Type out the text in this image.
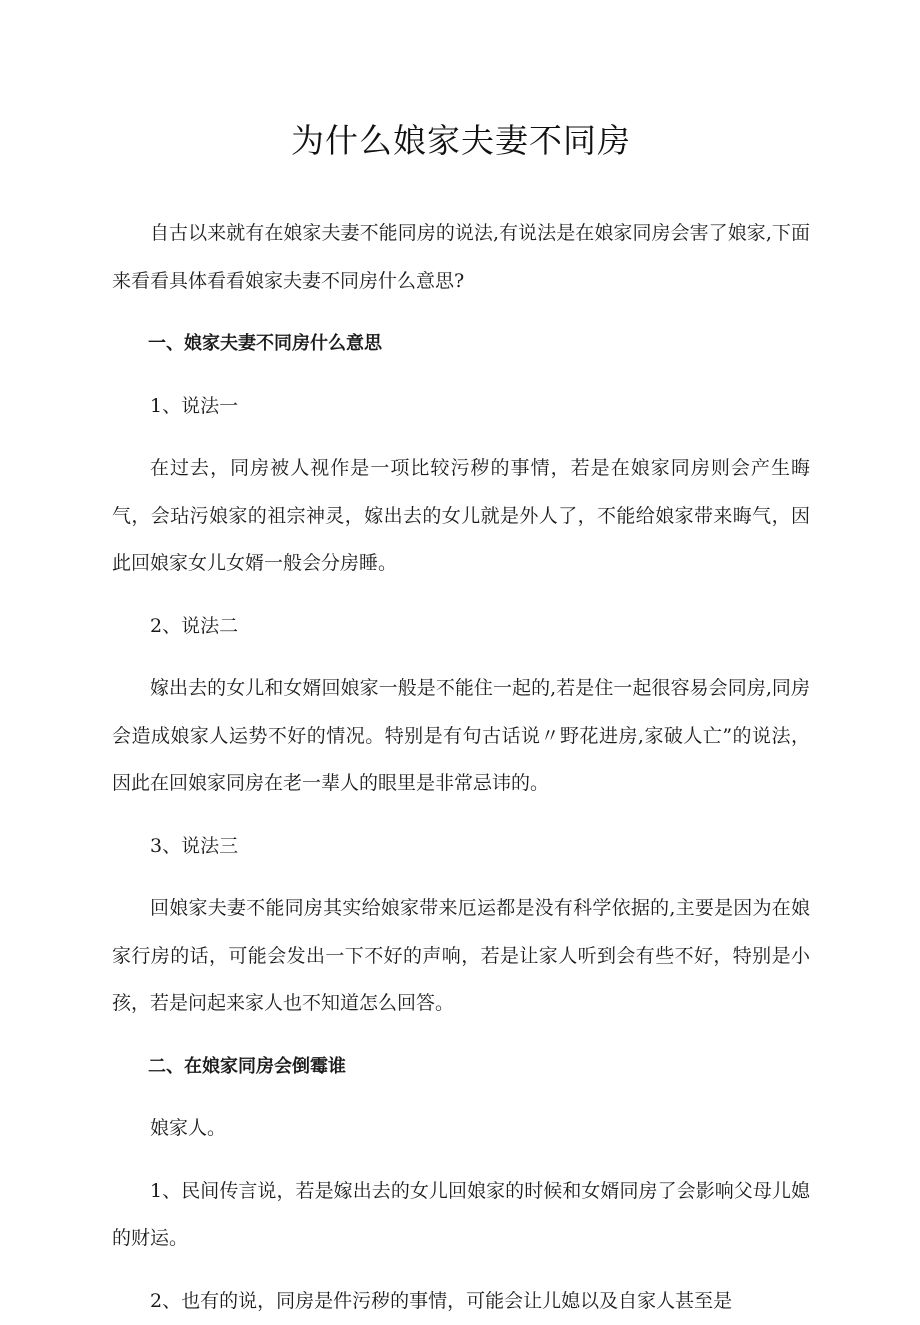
为什么娘家夫妻不同房

自古以来就有在娘家夫妻不能同房的说法,有说法是在娘家同房会害了娘家,下面来看看具体看看娘家夫妻不同房什么意思?

一、娘家夫妻不同房什么意思

1、说法一

在过去，同房被人视作是一项比较污秽的事情，若是在娘家同房则会产生晦气，会玷污娘家的祖宗神灵，嫁出去的女儿就是外人了，不能给娘家带来晦气，因此回娘家女儿女婿一般会分房睡。

2、说法二

嫁出去的女儿和女婿回娘家一般是不能住一起的,若是住一起很容易会同房,同房会造成娘家人运势不好的情况。特别是有句古话说〃野花进房,家破人亡”的说法，因此在回娘家同房在老一辈人的眼里是非常忌讳的。

3、说法三

回娘家夫妻不能同房其实给娘家带来厄运都是没有科学依据的,主要是因为在娘家行房的话，可能会发出一下不好的声响，若是让家人听到会有些不好，特别是小孩，若是问起来家人也不知道怎么回答。

二、在娘家同房会倒霉谁

娘家人。

1、民间传言说，若是嫁出去的女儿回娘家的时候和女婿同房了会影响父母儿媳的财运。

2、也有的说，同房是件污秽的事情，可能会让儿媳以及自家人甚至是
